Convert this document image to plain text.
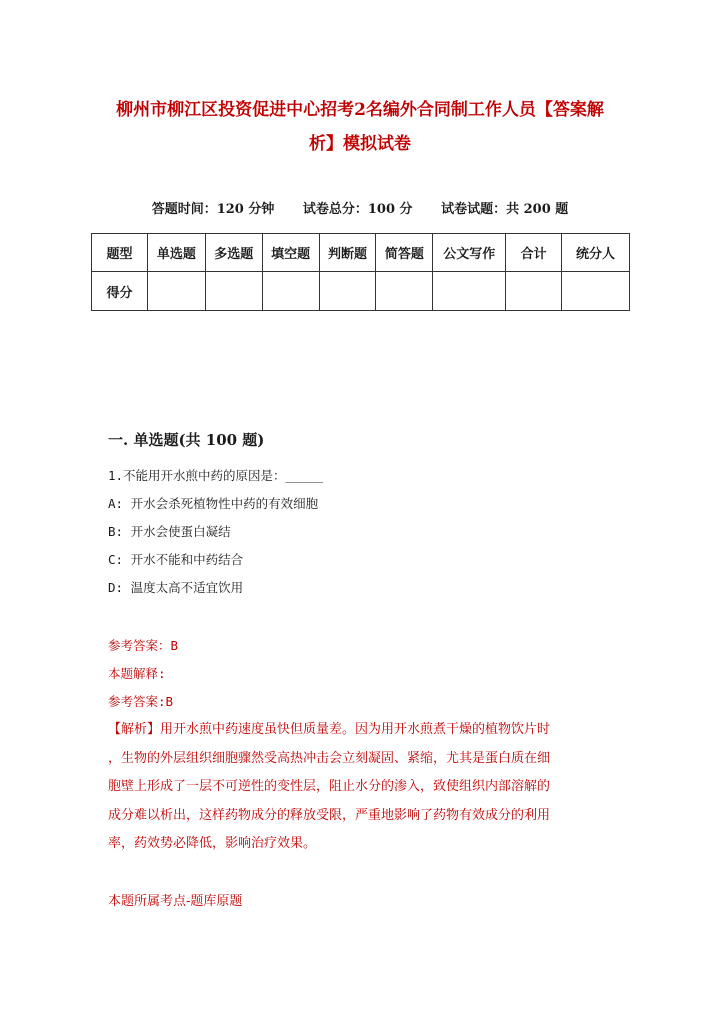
柳州市柳江区投资促进中心招考2名编外合同制工作人员【答案解
析】模拟试卷
答题时间：120 分钟 试卷总分：100 分 试卷试题：共 200 题
题型	单选题	多选题	填空题	判断题	简答题	公文写作	合计	统分人
得分								
一. 单选题(共 100 题)
1.不能用开水煎中药的原因是：_____
A: 开水会杀死植物性中药的有效细胞
B: 开水会使蛋白凝结
C: 开水不能和中药结合
D: 温度太高不适宜饮用
参考答案：B
本题解释:
参考答案:B
【解析】用开水煎中药速度虽快但质量差。因为用开水煎煮干燥的植物饮片时
，生物的外层组织细胞骤然受高热冲击会立刻凝固、紧缩，尤其是蛋白质在细
胞壁上形成了一层不可逆性的变性层，阻止水分的渗入，致使组织内部溶解的
成分难以析出，这样药物成分的释放受限，严重地影响了药物有效成分的利用
率，药效势必降低，影响治疗效果。
本题所属考点-题库原题
